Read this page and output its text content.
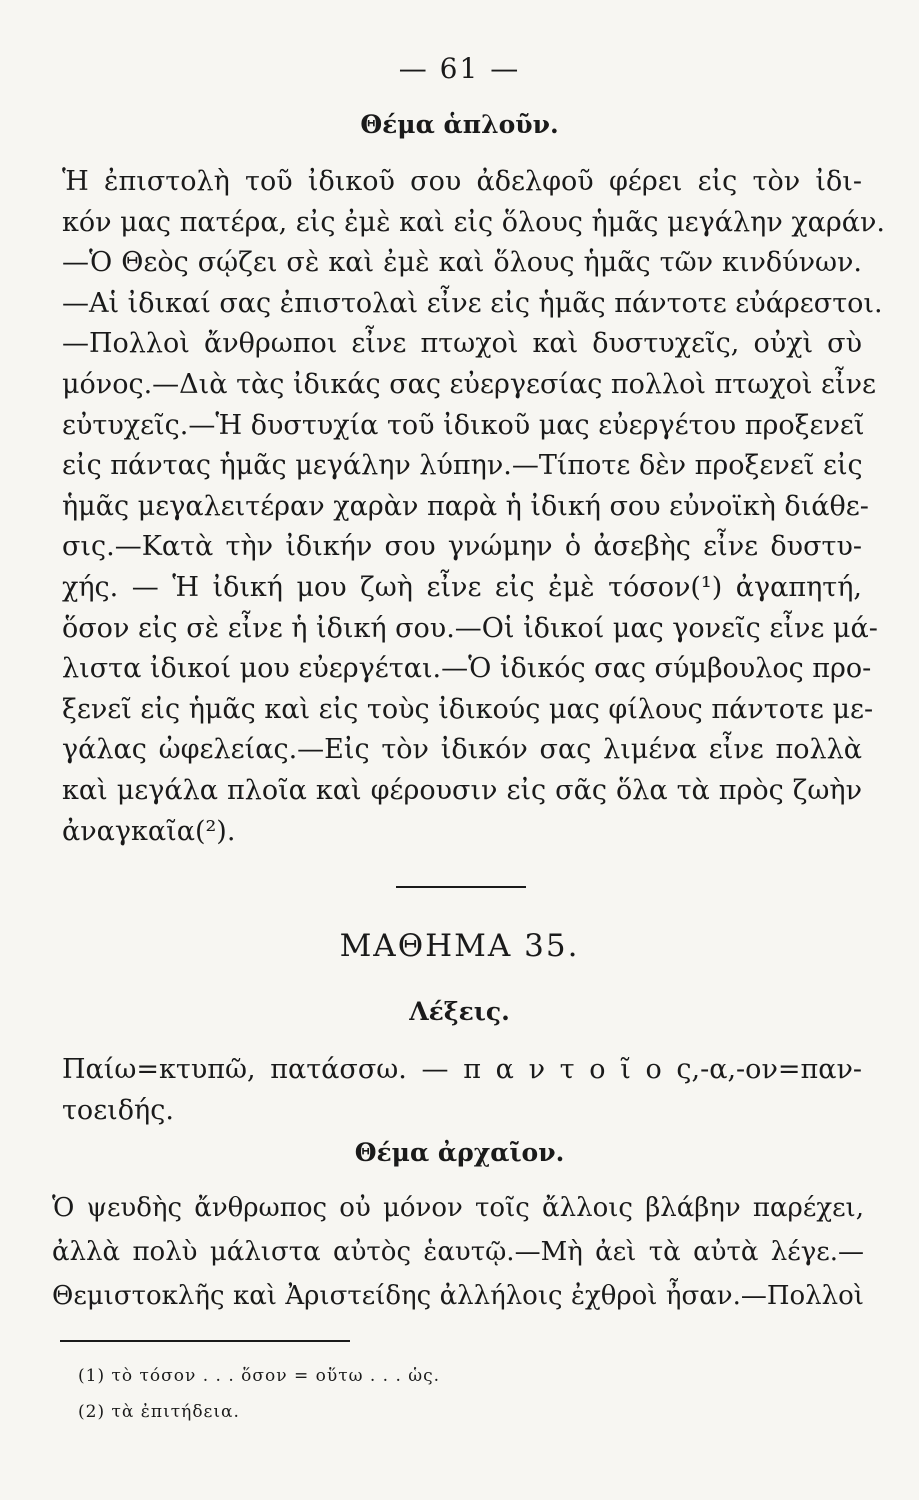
— 61 —
Θέμα ἁπλοῦν.
Ἡ ἐπιστολὴ τοῦ ἰδικοῦ σου ἀδελφοῦ φέρει εἰς τὸν ἰδι-
κόν μας πατέρα, εἰς ἐμὲ καὶ εἰς ὅλους ἡμᾶς μεγάλην χαράν.
—Ὁ Θεὸς σῴζει σὲ καὶ ἐμὲ καὶ ὅλους ἡμᾶς τῶν κινδύνων.
—Αἱ ἰδικαί σας ἐπιστολαὶ εἶνε εἰς ἡμᾶς πάντοτε εὐάρεστοι.
—Πολλοὶ ἄνθρωποι εἶνε πτωχοὶ καὶ δυστυχεῖς, οὐχὶ σὺ
μόνος.—Διὰ τὰς ἰδικάς σας εὐεργεσίας πολλοὶ πτωχοὶ εἶνε
εὐτυχεῖς.—Ἡ δυστυχία τοῦ ἰδικοῦ μας εὐεργέτου προξενεῖ
εἰς πάντας ἡμᾶς μεγάλην λύπην.—Τίποτε δὲν προξενεῖ εἰς
ἡμᾶς μεγαλειτέραν χαρὰν παρὰ ἡ ἰδική σου εὐνοϊκὴ διάθε-
σις.—Κατὰ τὴν ἰδικήν σου γνώμην ὁ ἀσεβὴς εἶνε δυστυ-
χής. — Ἡ ἰδική μου ζωὴ εἶνε εἰς ἐμὲ τόσον(¹) ἀγαπητή,
ὅσον εἰς σὲ εἶνε ἡ ἰδική σου.—Οἱ ἰδικοί μας γονεῖς εἶνε μά-
λιστα ἰδικοί μου εὐεργέται.—Ὁ ἰδικός σας σύμβουλος προ-
ξενεῖ εἰς ἡμᾶς καὶ εἰς τοὺς ἰδικούς μας φίλους πάντοτε με-
γάλας ὠφελείας.—Εἰς τὸν ἰδικόν σας λιμένα εἶνε πολλὰ
καὶ μεγάλα πλοῖα καὶ φέρουσιν εἰς σᾶς ὅλα τὰ πρὸς ζωὴν
ἀναγκαῖα(²).
ΜΑΘΗΜΑ 35.
Λέξεις.
Παίω=κτυπῶ, πατάσσω. — π α ν τ ο ῖ ο ς,-α,-ον=παν-
τοειδής.
Θέμα ἀρχαῖον.
Ὁ ψευδὴς ἄνθρωπος οὐ μόνον τοῖς ἄλλοις βλάβην παρέχει,
ἀλλὰ πολὺ μάλιστα αὐτὸς ἑαυτῷ.—Μὴ ἀεὶ τὰ αὐτὰ λέγε.—
Θεμιστοκλῆς καὶ Ἀριστείδης ἀλλήλοις ἐχθροὶ ἦσαν.—Πολλοὶ
(1) τὸ τόσον . . . ὅσον = οὕτω . . . ὡς.
(2) τὰ ἐπιτήδεια.
